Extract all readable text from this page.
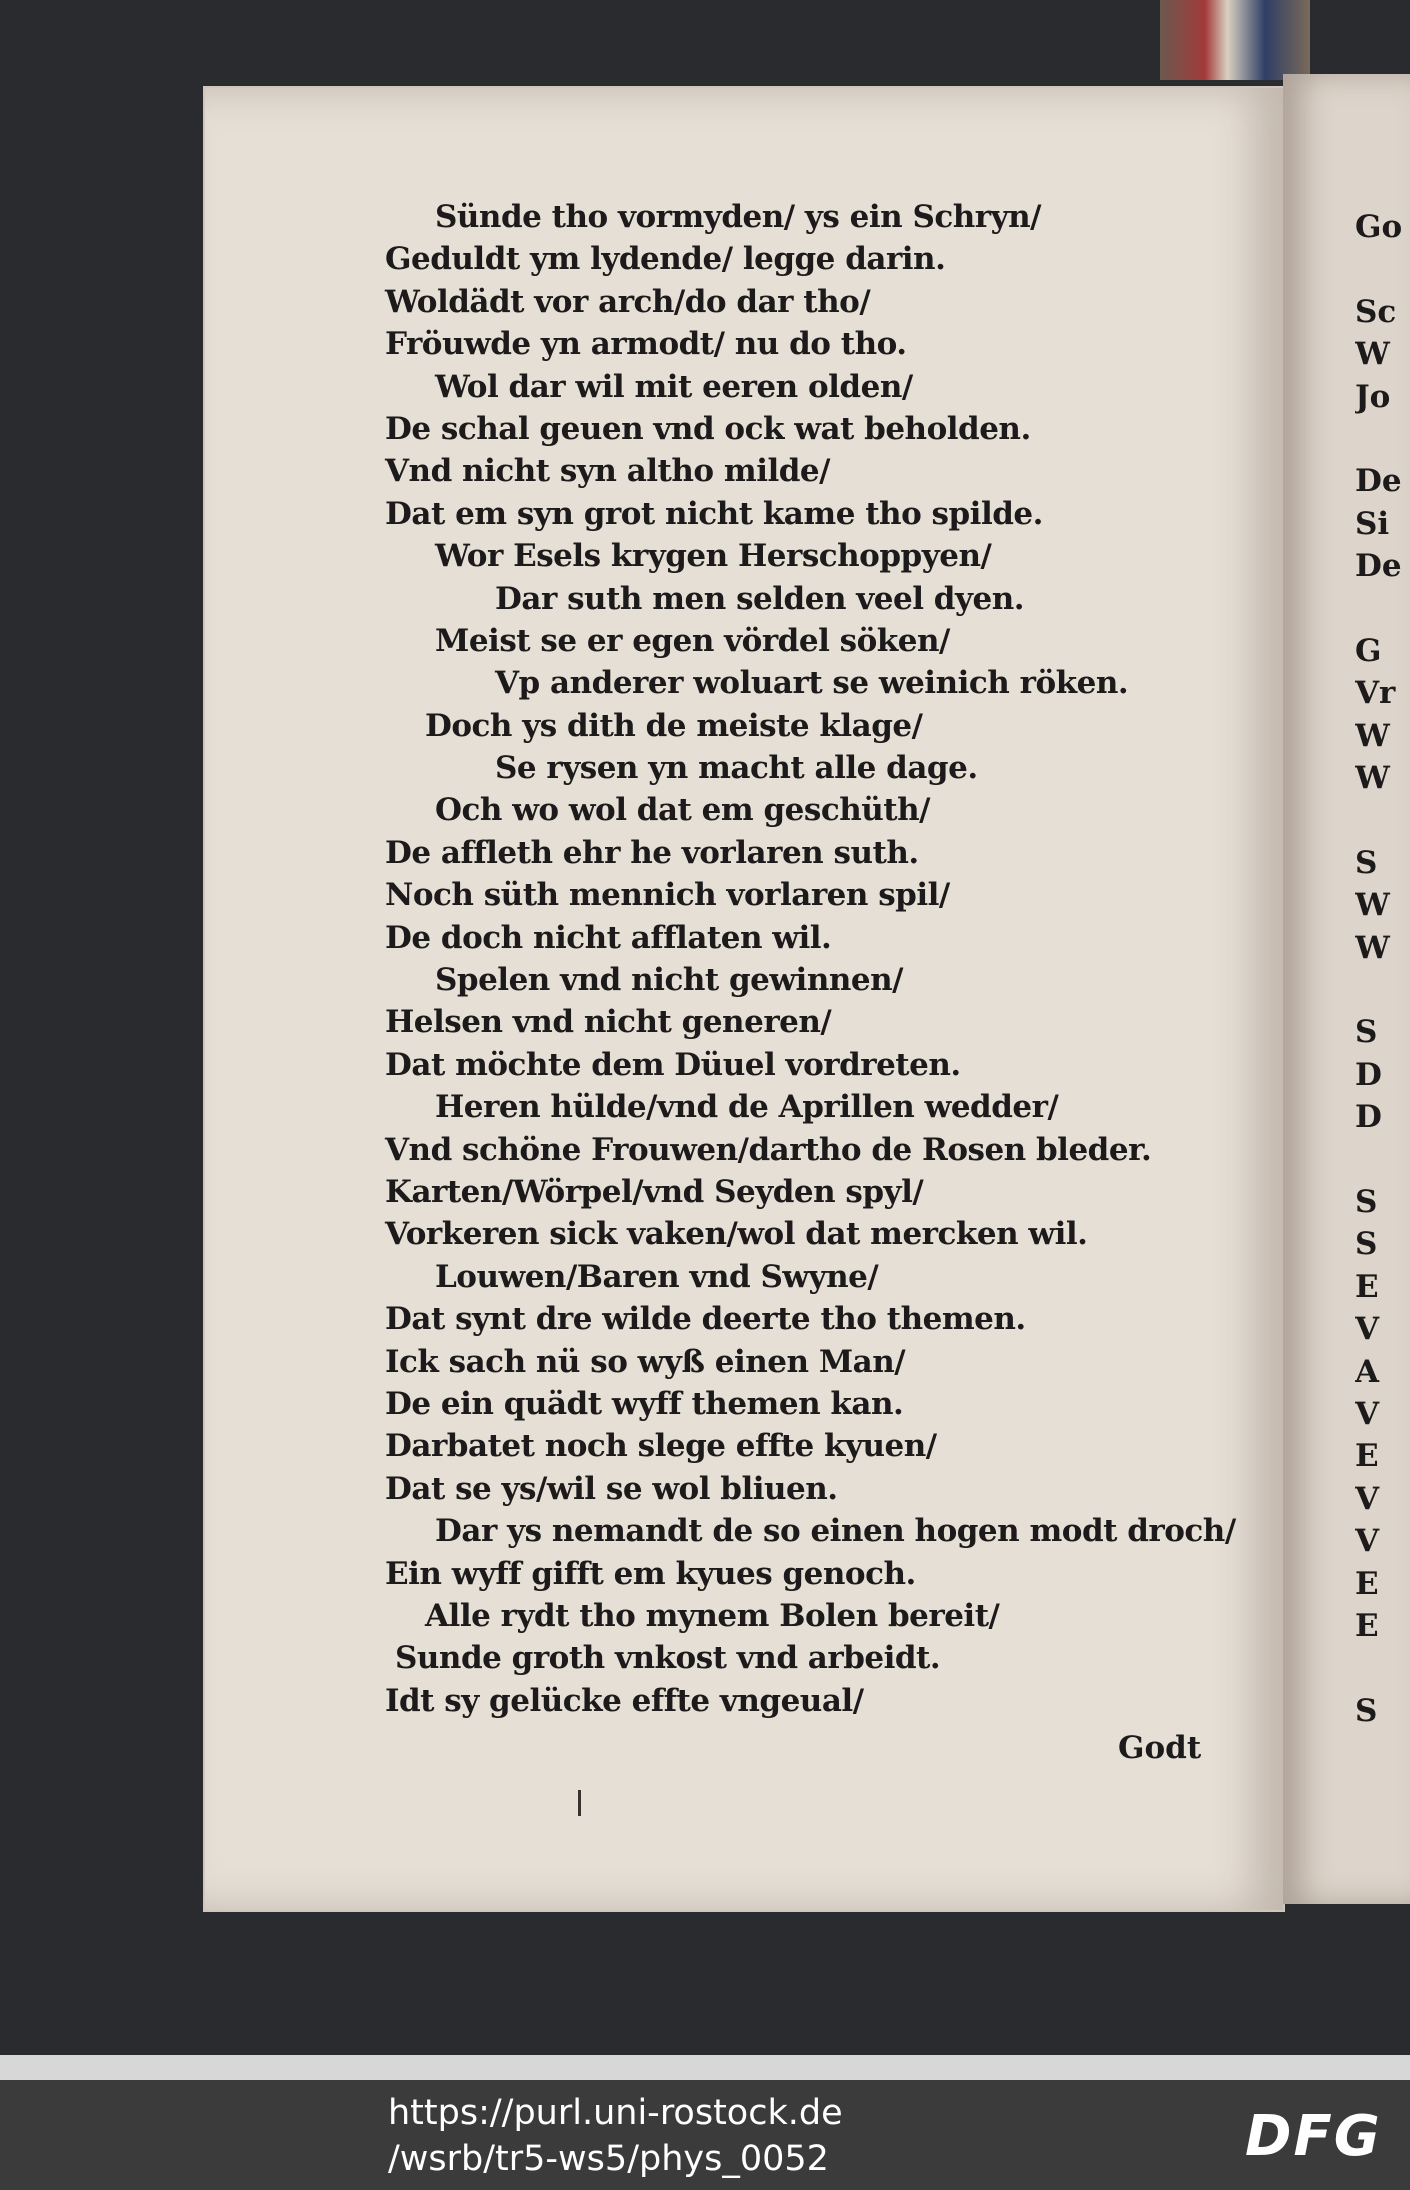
Sünde tho vormyden/ ys ein Schryn/
Geduldt ym lydende/ legge darin.
Woldädt vor arch/do dar tho/
Fröuwde yn armodt/ nu do tho.
Wol dar wil mit eeren olden/
De schal geuen vnd ock wat beholden.
Vnd nicht syn altho milde/
Dat em syn grot nicht kame tho spilde.
Wor Esels krygen Herschoppyen/
Dar suth men selden veel dyen.
Meist se er egen vördel söken/
Vp anderer woluart se weinich röken.
Doch ys dith de meiste klage/
Se rysen yn macht alle dage.
Och wo wol dat em geschüth/
De affleth ehr he vorlaren suth.
Noch süth mennich vorlaren spil/
De doch nicht afflaten wil.
Spelen vnd nicht gewinnen/
Helsen vnd nicht generen/
Dat möchte dem Düuel vordreten.
Heren hülde/vnd de Aprillen wedder/
Vnd schöne Frouwen/dartho de Rosen bleder.
Karten/Wörpel/vnd Seyden spyl/
Vorkeren sick vaken/wol dat mercken wil.
Louwen/Baren vnd Swyne/
Dat synt dre wilde deerte tho themen.
Ick sach nü so wyß einen Man/
De ein quädt wyff themen kan.
Darbatet noch slege effte kyuen/
Dat se ys/wil se wol bliuen.
Dar ys nemandt de so einen hogen modt droch/
Ein wyff gifft em kyues genoch.
Alle rydt tho mynem Bolen bereit/
Sunde groth vnkost vnd arbeidt.
Idt sy gelücke effte vngeual/
Godt
Go
Sc
W
Jo
De
Si
De
G
Vr
W
W
S
W
W
S
D
D
S
S
E
V
A
V
E
V
V
E
E
S
https://purl.uni-rostock.de
/wsrb/tr5-ws5/phys_0052	DFG
